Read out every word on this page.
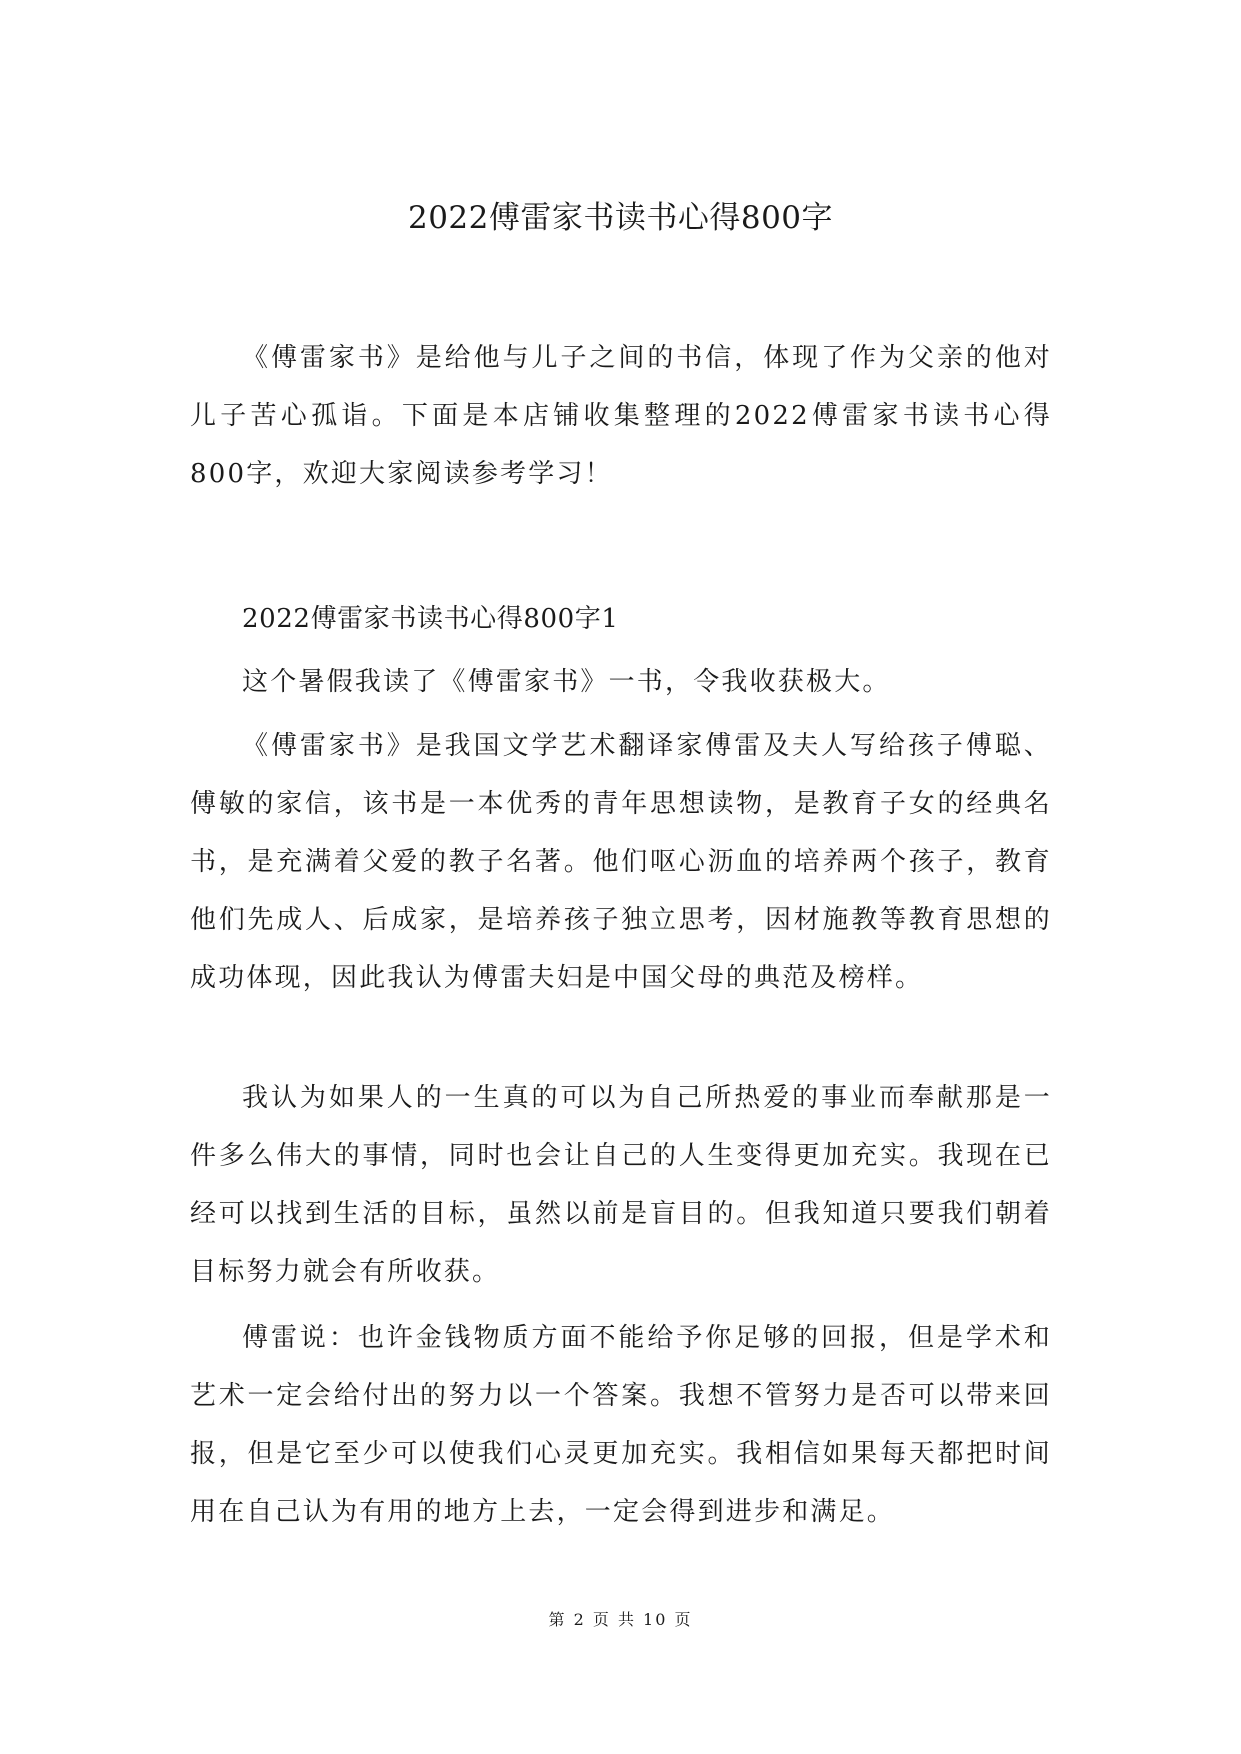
2022傅雷家书读书心得800字

《傅雷家书》是给他与儿子之间的书信，体现了作为父亲的他对儿子苦心孤诣。下面是本店铺收集整理的2022傅雷家书读书心得800字，欢迎大家阅读参考学习！

2022傅雷家书读书心得800字1

这个暑假我读了《傅雷家书》一书，令我收获极大。

《傅雷家书》是我国文学艺术翻译家傅雷及夫人写给孩子傅聪、傅敏的家信，该书是一本优秀的青年思想读物，是教育子女的经典名书，是充满着父爱的教子名著。他们呕心沥血的培养两个孩子，教育他们先成人、后成家，是培养孩子独立思考，因材施教等教育思想的成功体现，因此我认为傅雷夫妇是中国父母的典范及榜样。

我认为如果人的一生真的可以为自己所热爱的事业而奉献那是一件多么伟大的事情，同时也会让自己的人生变得更加充实。我现在已经可以找到生活的目标，虽然以前是盲目的。但我知道只要我们朝着目标努力就会有所收获。

傅雷说：也许金钱物质方面不能给予你足够的回报，但是学术和艺术一定会给付出的努力以一个答案。我想不管努力是否可以带来回报，但是它至少可以使我们心灵更加充实。我相信如果每天都把时间用在自己认为有用的地方上去，一定会得到进步和满足。

第 2 页 共 10 页
